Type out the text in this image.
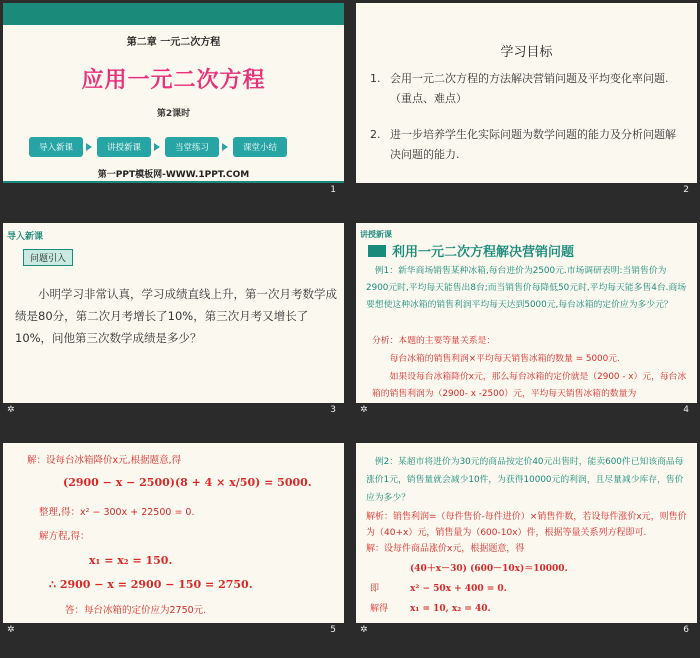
第二章 一元二次方程
应用一元二次方程
第2课时
导入新课	讲授新课	当堂练习	课堂小结
第一PPT模板网-WWW.1PPT.COM
1
学习目标
1. 会用一元二次方程的方法解决营销问题及平均变化率问题.（重点、难点）
2. 进一步培养学生化实际问题为数学问题的能力及分析问题解决问题的能力.
2
导入新课
问题引入
小明学习非常认真，学习成绩直线上升，第一次月考数学成绩是80分，第二次月考增长了10%，第三次月考又增长了10%，问他第三次数学成绩是多少？
✲	3
讲授新课
利用一元二次方程解决营销问题
例1：新华商场销售某种冰箱,每台进价为2500元.市场调研表明:当销售价为2900元时,平均每天能售出8台;而当销售价每降低50元时,平均每天能多售4台.商场要想使这种冰箱的销售利润平均每天达到5000元,每台冰箱的定价应为多少元？
分析：本题的主要等量关系是：
每台冰箱的销售利润×平均每天销售冰箱的数量 = 5000元.
如果设每台冰箱降价x元，那么每台冰箱的定价就是（2900 - x）元，每台冰箱的销售利润为（2900- x -2500）元，平均每天销售冰箱的数量为
✲	4
解：设每台冰箱降价x元,根据题意,得
(2900 − x − 2500)(8 + 4 × x/50) = 5000.
整理,得：x² − 300x + 22500 = 0.
解方程,得：
x₁ = x₂ = 150.
∴ 2900 − x = 2900 − 150 = 2750.
答：每台冰箱的定价应为2750元.
✲	5
例2：某超市将进价为30元的商品按定价40元出售时，能卖600件已知该商品每涨价1元，销售量就会减少10件，为获得10000元的利润，且尽量减少库存，售价应为多少？
解析：销售利润=（每件售价-每件进价）×销售件数，若设每件涨价x元，则售价为（40+x）元，销售量为（600-10x）件，根据等量关系列方程即可.
解：设每件商品涨价x元，根据题意，得
(40＋x－30) (600－10x)＝10000.
即	x² − 50x + 400 = 0.
解得 x₁ = 10, x₂ = 40.
✲	6
